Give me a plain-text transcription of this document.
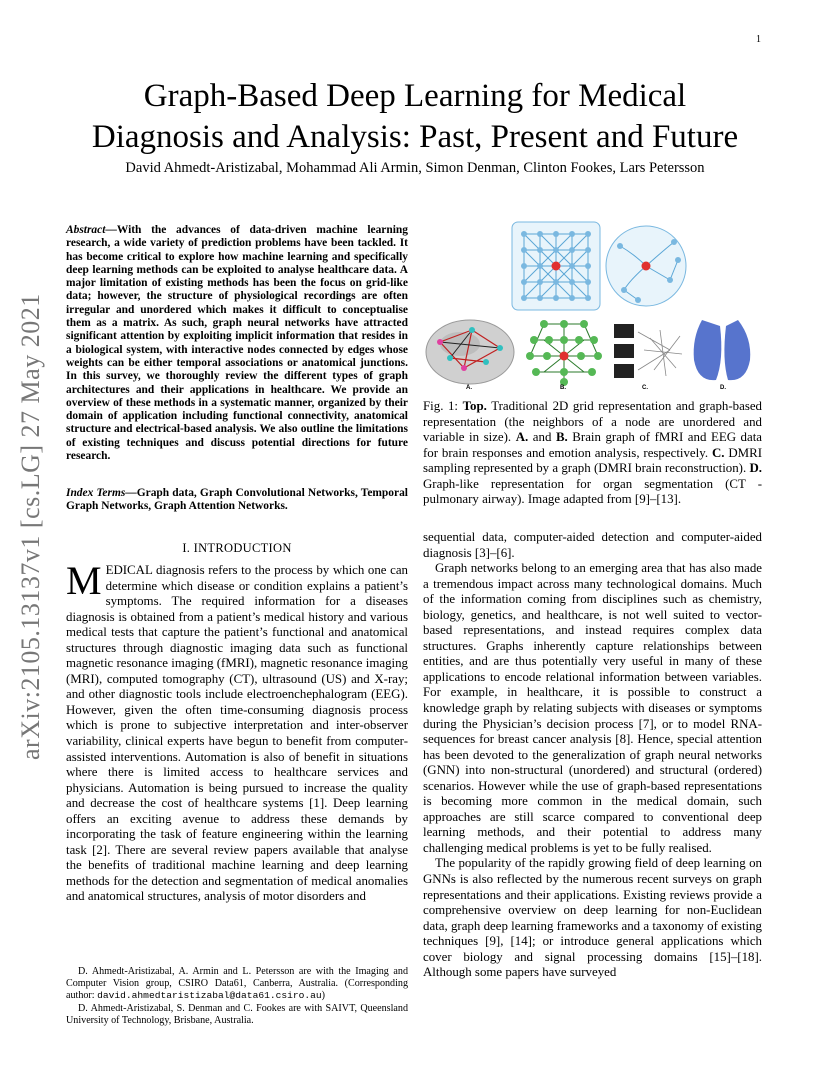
1
Graph-Based Deep Learning for Medical
Diagnosis and Analysis: Past, Present and Future
David Ahmedt-Aristizabal, Mohammad Ali Armin, Simon Denman, Clinton Fookes, Lars Petersson
arXiv:2105.13137v1 [cs.LG] 27 May 2021
Abstract—With the advances of data-driven machine learning research, a wide variety of prediction problems have been tackled. It has become critical to explore how machine learning and specifically deep learning methods can be exploited to analyse healthcare data. A major limitation of existing methods has been the focus on grid-like data; however, the structure of physiological recordings are often irregular and unordered which makes it difficult to conceptualise them as a matrix. As such, graph neural networks have attracted significant attention by exploiting implicit information that resides in a biological system, with interactive nodes connected by edges whose weights can be either temporal associations or anatomical junctions. In this survey, we thoroughly review the different types of graph architectures and their applications in healthcare. We provide an overview of these methods in a systematic manner, organized by their domain of application including functional connectivity, anatomical structure and electrical-based analysis. We also outline the limitations of existing techniques and discuss potential directions for future research.
Index Terms—Graph data, Graph Convolutional Networks, Temporal Graph Networks, Graph Attention Networks.
I. INTRODUCTION
MEDICAL diagnosis refers to the process by which one can determine which disease or condition explains a patient’s symptoms. The required information for a diseases diagnosis is obtained from a patient’s medical history and various medical tests that capture the patient’s functional and anatomical structures through diagnostic imaging data such as functional magnetic resonance imaging (fMRI), magnetic resonance imaging (MRI), computed tomography (CT), ultrasound (US) and X-ray; and other diagnostic tools include electroenchephalogram (EEG). However, given the often time-consuming diagnosis process which is prone to subjective interpretation and inter-observer variability, clinical experts have begun to benefit from computer-assisted interventions. Automation is also of benefit in situations where there is limited access to healthcare services and physicians. Automation is being pursued to increase the quality and decrease the cost of healthcare systems [1]. Deep learning offers an exciting avenue to address these demands by incorporating the task of feature engineering within the learning task [2]. There are several review papers available that analyse the benefits of traditional machine learning and deep learning methods for the detection and segmentation of medical anomalies and anatomical structures, analysis of motor disorders and

D. Ahmedt-Aristizabal, A. Armin and L. Petersson are with the Imaging and Computer Vision group, CSIRO Data61, Canberra, Australia. (Corresponding author: david.ahmedtaristizabal@data61.csiro.au)

D. Ahmedt-Aristizabal, S. Denman and C. Fookes are with SAIVT, Queensland University of Technology, Brisbane, Australia.

A.	B.	C.	D.
Fig. 1: Top. Traditional 2D grid representation and graph-based representation (the neighbors of a node are unordered and variable in size). A. and B. Brain graph of fMRI and EEG data for brain responses and emotion analysis, respectively. C. DMRI sampling represented by a graph (DMRI brain reconstruction). D. Graph-like representation for organ segmentation (CT -pulmonary airway). Image adapted from [9]–[13].

sequential data, computer-aided detection and computer-aided diagnosis [3]–[6].

Graph networks belong to an emerging area that has also made a tremendous impact across many technological domains. Much of the information coming from disciplines such as chemistry, biology, genetics, and healthcare, is not well suited to vector-based representations, and instead requires complex data structures. Graphs inherently capture relationships between entities, and are thus potentially very useful in many of these applications to encode relational information between variables. For example, in healthcare, it is possible to construct a knowledge graph by relating subjects with diseases or symptoms during the Physician’s decision process [7], or to model RNA-sequences for breast cancer analysis [8]. Hence, special attention has been devoted to the generalization of graph neural networks (GNN) into non-structural (unordered) and structural (ordered) scenarios. However while the use of graph-based representations is becoming more common in the medical domain, such approaches are still scarce compared to conventional deep learning methods, and their potential to address many challenging medical problems is yet to be fully realised.

The popularity of the rapidly growing field of deep learning on GNNs is also reflected by the numerous recent surveys on graph representations and their applications. Existing reviews provide a comprehensive overview on deep learning for non-Euclidean data, graph deep learning frameworks and a taxonomy of existing techniques [9], [14]; or introduce general applications which cover biology and signal processing domains [15]–[18]. Although some papers have surveyed
